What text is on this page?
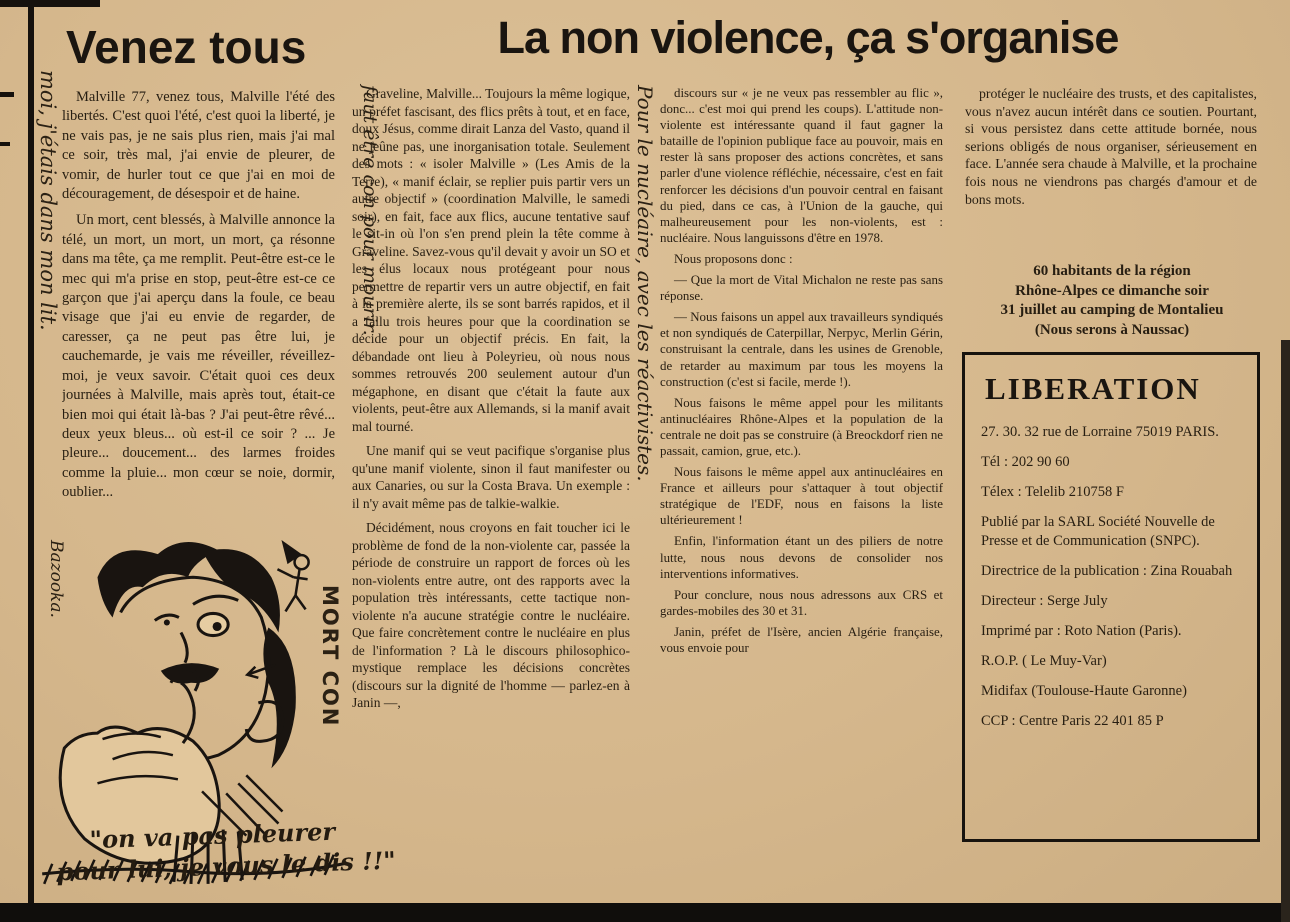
Venez tous	La non violence, ça s'organise

Malville 77, venez tous, Malville l'été des libertés. C'est quoi l'été, c'est quoi la liberté, je ne vais pas, je ne sais plus rien, mais j'ai mal ce soir, très mal, j'ai envie de pleurer, de vomir, de hurler tout ce que j'ai en moi de découragement, de désespoir et de haine.

Un mort, cent blessés, à Malville annonce la télé, un mort, un mort, un mort, ça résonne dans ma tête, ça me remplit. Peut-être est-ce le mec qui m'a prise en stop, peut-être est-ce ce garçon que j'ai aperçu dans la foule, ce beau visage que j'ai eu envie de regarder, de caresser, ça ne peut pas être lui, je cauchemarde, je vais me réveiller, réveillez-moi, je veux savoir. C'était quoi ces deux journées à Malville, mais après tout, était-ce bien moi qui était là-bas ? J'ai peut-être rêvé... deux yeux bleus... où est-il ce soir ? ... Je pleure... doucement... des larmes froides comme la pluie... mon cœur se noie, dormir, oublier...

Graveline, Malville... Toujours la même logique, un préfet fascisant, des flics prêts à tout, et en face, doux Jésus, comme dirait Lanza del Vasto, quand il ne jeûne pas, une inorganisation totale. Seulement des mots : « isoler Malville » (Les Amis de la Terre), « manif éclair, se replier puis partir vers un autre objectif » (coordination Malville, le samedi soir), en fait, face aux flics, aucune tentative sauf le sit-in où l'on s'en prend plein la tête comme à Graveline. Savez-vous qu'il devait y avoir un SO et les élus locaux nous protégeant pour nous permettre de repartir vers un autre objectif, en fait à la première alerte, ils se sont barrés rapidos, et il a fallu trois heures pour que la coordination se décide pour un objectif précis. En fait, la débandade ont lieu à Poleyrieu, où nous nous sommes retrouvés 200 seulement autour d'un mégaphone, en disant que c'était la faute aux violents, peut-être aux Allemands, si la manif avait mal tourné.

Une manif qui se veut pacifique s'organise plus qu'une manif violente, sinon il faut manifester ou aux Canaries, ou sur la Costa Brava. Un exemple : il n'y avait même pas de talkie-walkie.

Décidément, nous croyons en fait toucher ici le problème de fond de la non-violente car, passée la période de construire un rapport de forces où les non-violents entre autre, ont des rapports avec la population très intéressants, cette tactique non-violente n'a aucune stratégie contre le nucléaire. Que faire concrètement contre le nucléaire en plus de l'information ? Là le discours philosophico-mystique remplace les décisions concrètes (discours sur la dignité de l'homme — parlez-en à Janin —,

discours sur « je ne veux pas ressembler au flic », donc... c'est moi qui prend les coups). L'attitude non-violente est intéressante quand il faut gagner la bataille de l'opinion publique face au pouvoir, mais en rester là sans proposer des actions concrètes, et sans parler d'une violence réfléchie, nécessaire, c'est en fait renforcer les décisions d'un pouvoir central en faisant du pied, dans ce cas, à l'Union de la gauche, qui malheureusement pour les non-violents, est : nucléaire. Nous languissons d'être en 1978.

Nous proposons donc :

— Que la mort de Vital Michalon ne reste pas sans réponse.

— Nous faisons un appel aux travailleurs syndiqués et non syndiqués de Caterpillar, Nerpyc, Merlin Gérin, construisant la centrale, dans les usines de Grenoble, de retarder au maximum par tous les moyens la construction (c'est si facile, merde !).

Nous faisons le même appel pour les militants antinucléaires Rhône-Alpes et la population de la centrale ne doit pas se construire (à Breockdorf rien ne passait, camion, grue, etc.).

Nous faisons le même appel aux antinucléaires en France et ailleurs pour s'attaquer à tout objectif stratégique de l'EDF, nous en faisons la liste ultérieurement !

Enfin, l'information étant un des piliers de notre lutte, nous nous devons de consolider nos interventions informatives.

Pour conclure, nous nous adressons aux CRS et gardes-mobiles des 30 et 31.

Janin, préfet de l'Isère, ancien Algérie française, vous envoie pour

protéger le nucléaire des trusts, et des capitalistes, vous n'avez aucun intérêt dans ce soutien. Pourtant, si vous persistez dans cette attitude bornée, nous serions obligés de nous organiser, sérieusement en face. L'année sera chaude à Malville, et la prochaine fois nous ne viendrons pas chargés d'amour et de bons mots.

60 habitants de la région
Rhône-Alpes ce dimanche soir
31 juillet au camping de Montalieu
(Nous serons à Naussac)
LIBERATION
27. 30. 32 rue de Lorraine 75019 PARIS.
Tél : 202 90 60
Télex : Telelib 210758 F
Publié par la SARL Société Nouvelle de Presse et de Communication (SNPC).
Directrice de la publication : Zina Rouabah
Directeur : Serge July
Imprimé par : Roto Nation (Paris).
R.O.P. ( Le Muy-Var)
Midifax (Toulouse-Haute Garonne)
CCP : Centre Paris 22 401 85 P
moi, j'étais dans mon lit.	faut être con pour mourir.	Pour le nucléaire, avec les réactivistes.
Bazooka.
MORT CON
"on va pas pleurer
pour lui, je vous le dis !!"
